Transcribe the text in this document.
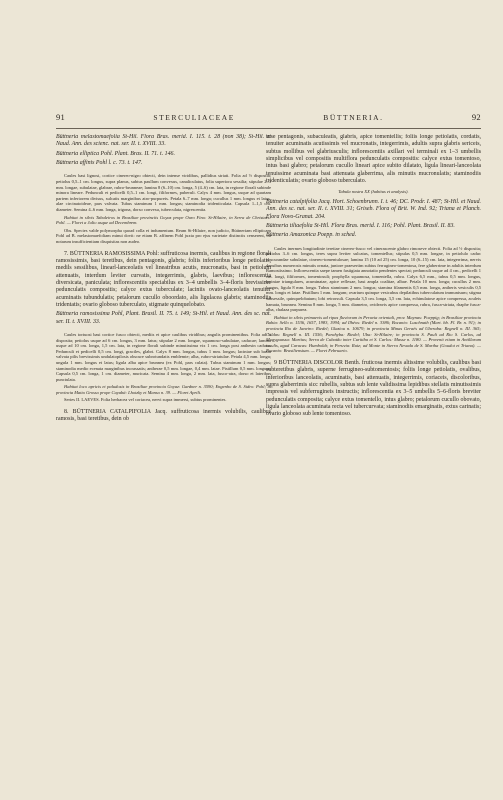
91	STERCULIACEAE	BÜTTNERIA.	92

Büttneria melastomaefolia St-Hil. Flora Bras. merid. I. 115. t. 28 (non 38); St-Hil. et Naud. Ann. des scienc. nat. ser. II. t. XVIII. 33.

Büttneria elliptica Pohl. Plant. Bras. II. 71. t. 146.

Büttneria affinis Pohl l. c. 73. t. 147.

Caules basi lignosi, cortice cinereo-nigro obtecti, dein intense viridibus, pallidius striati. Folia ad ½ dispostia; petiolus 0,5–1 cm. longus, supra planus, subtus paullum convexus, canaliculatus, folia superiora sessilia; stipulae 2–3 mm. longae, subulatae, glabrae, rubro-brunneae; lamina 8 (6–10) cm. longa, 5 (4–6) cm. lata, in regione florali subinde minora lineare. Pedunculi et pedicelli 0,5–1 cm. longi, filiformes, puberuli. Calyx 4 mm. longus, usque ad quartam partem inferiorem divisus, sulcatis marginibus atro-purpureis. Petala 6–7 mm. longa; cucullus 1 mm. longus et latus, alae circinatoideae, pars valvata. Tubus staminum 1 mm. longus; staminodia tridenticulata. Capsula 1–1,5 cm. diameter. Semina 4–6 mm. longa, trigona, dorso convexa, tuberculata, nigrescentia.

Habitat in silvis Tabuleiros in Brasiliae provinciis Goyaz prope Ouro Fino: St-Hilaire, in Serra de Christaes: Pohl. — Floret a Julio usque ad Decembrem.

Obs. Species valde polymorpha quoad colla et indumentum. Ream St-Hilaire, non judicio, Büttneriam ellipticam Pohl ad B. melastomaefoliam minui dovit: ne etiam B. affinem Pohl juxta pro ejus varietate distinctis censerent, ob notarum insufficientiam disquisitas non audeo.

7. BÜTTNERIA RAMOSISSIMA Pohl: suffruticosa inermis, caulibus in regione florali ramosissimis, basi teretibus, dein pentagonis, glabris; foliis inferioribus longe petiolatis, medils sessilibus, linearl-lanceolatis vel lineatribus acutis, mucronatis, basi in petiolum attenuatis, interdum leviter curvatis, integerrimis, glabris, laevibus; inflorescentia diversicata, paniculata; inflorescentiis speciabilus ex 3–4 umbellis 3–4-floris brevissime pedunculatis compositis; calyce extus tuberculate; laciniis ovato-lanceolatis tenuiter acuminatis tubundulatis; petalorum cucullo oboordato, alis ligulacea glabris; staminodiis tridentatis; ovario globoso tuberculato, stigmate quinquelobato.

Büttneria ramosissima Pohl, Plant. Brasil. II. 75. t. 149; St-Hil. et Naud. Ann. des sc. nat. ser. II. t. XVIII. 33.

Caules tortuosi basi cortice fusco obtecti, mediis et apice caulibus viridibus; angulis prominentibus. Folia ad ½ disposita; petiolus usque ad 6 cm. longus, 3 mm. latus; stipulae 2 mm. longae, squamoso-subulatae, caducae; lamina usque ad 10 cm. longa, 1,5 cm. lata, in regione florali subinde minutissima vix 1 cm. longa post anthesin caduca. Pedunculi et pedicelli 0,5 cm. longi, graciles, glabri. Calyx 8 mm. longus, tubus 1 mm. longus; laciniae sub basin valvata pilis brevissimis undulatopilosis obscure subrotundatis emblemte; alba, rubro-striatulae. Petala 4,5 mm. longa; ungula 1 mm. longus et latus; ligula alba apice brunnea (ex Pohl, pars culata). Tubus staminum 1 mm. longus; staminodia medio ecenata marginibus incrassatis; antherae 0,5 mm. longae, 0,4 mm. latae. Pistillum 0,5 mm. longum. Capsula 0,5 cm. longa, 1 cm. diameter, muricata. Semina 4 mm. longa, 2 mm. lata, fusco-atra, dorso et lateribus punctulata.

Habitat loco apricis et paludosis in Brasiliae provincia Goyaz: Gardner n. 3590; Engenho de S. Sidro: Pohl; in provincia Matto Grosso prope Cuyabá: Lhotzky et Manso n. 39. — Floret Aprili.

Series II. LAEVES. Folia herbacea vel coriacea, nervi supra immersi, subtus prominentes.

8. BÜTTNERIA CATALPIFOLIA Jacq. suffruticosa inermis volubilis, caulibus ramosis, basi teretibus, dein ob

tuse pentagonis, subaculeatis, glabris, apice tomentellis; foliis longe petiolatis, cordatis, tenuiter acuminatis acutissimis vel mucronatis, integerrimis, adultis supra glabris sericeis, subtus mollibus vel glabriusculis; inflorescentiis axillari vel terminali ex 1–3 umbellis simplicibus vel compositis multiflora pedunculatis compositis: calyce extus tomentoso, intus basi glabro; petalorum cucullo lineari apice subito dilatato, ligula lineari-lanceolata tenuissime acuminata basi attenuata glaberrima, alis minutis mucronulatis; staminodiis tridenticulatis; ovario globoso tuberculato.

Tabula nostra XX (habitus et analysis).

Büttneria catalpifolia Jacq. Hort. Schoenbrunn. I. t. 46; DC. Prodr. I. 487; St-Hil. et Naud. Ann. des sc. nat. ser. II. t. XVIII. 31; Griseb. Flora of Brit. W. Ind. 92; Triana et Planch. Flora Novo-Granat. 204.

Büttneria tiliaefolia St-Hil. Flora Bras. merid. I. 116; Pohl. Plant. Brasil. II. 83.

Büttneria Amazonica Poepp. in sched.

Caules inermes longitudinie teretiae cinereo-fusco vel cinerascente glabro rimoseve obtecti. Folia ad ½ disposita; petiolus 3–6 cm. longus, teres supra leviter sulcatus, tomentellus; stipulas 0,5 mm. longae, in petiolulo caduc obscurandae subulatae, cinereo-tomentulosae; lamina 15 (10 ad 25) cm. longa, 10 (6–15) cm. lata, integerrima, nervis densibus numerosis minutis ornata, juniore praesertim subtus ferrugineo-tomentosa, fere glaberrime in adultis interdum Ramostissimo. Inflorescentia saepe tamen fastigiata annotatio pendentes spectat; pedunculi usque ad 4 cm., pedicelli 1 cm. longi, filiformes, tomentosuli; prophylla squamosa, tomentella, rubra. Calyx 6,5 mm., tubus 0,5 mm. longus, laciniae triangulares, acuminatae, apice reflexae, basi ampla coalitae, albae. Petala 10 mm. longa; cucullus 2 mm. longus, ligula 8 mm. longa. Tubus staminum 2 mm. longus; stamina filamentis 0,5 mm. longa, antheris vesiculis 0,5 mm. longis et latae. Pistillum 1 mm. longum; ovarium quinque vesicubus depilatibus tuberculatum immunisum; stigma subsessile, quinquelobatum; lobi retrorsuli. Capsula 3,5 cm. longa, 3,5 cm. lata, echinulatose apice compressa, aculeis hamata, brunnea. Semina 8 mm. longa, 5 mm. diametro, ovideavis apice compressa, rubra, fusca-striata, rhaphe fusca-alba, chalaza purpurea.

Habitat in silvis primaevis ad ripas fluviorum in Peruvia orientali, prov. Maynas: Poeppig; in Brasiliae provincia Bahia: Sello n. 1536, 1657, 1983, 1994; ad Ilhéos: Riedel n. 3386; Bocanio: Luschnath (Mart. hb. Fl. Br. n. 91); in provincia Rio de Janeiro: Riedel; Glaziou n. 10679; in provincia Minas Geraës ad Uberaba: Regnell n. III. 365; Caldas: Regnell n. III. 1556; Parahyba: Riedel; Uba: St-Hilaire; in provincia S. Pauli ad Rio S. Carlos, ad Mogyguassu: Martius; Serra de Cubatão inter Curitiba et S. Carlos: Masse n. 1180. — Provenit etiam in Antillarum insulis, agud Caracas: Humboldt; in Peruvia: Ruiz; ad Monte in Sierra Nevada de S. Martha (Goudot et Triana). — Bocanio: Brasiliensium. — Floret Februario.

9 BÜTTNERIA DISCOLOR Benth. fruticosa inermis altissime volubilis, caulibus basi subteretibus glabris, superne ferrugineo-subtomentosis; foliis longe petiolatis, ovalibus, inferioribus lanceolatis, acuminatis, basi attenuatis, integerrimis, coriaceis, discoloribus, supra glaberrimis sicc rubellis, subtus sub lente validissima lepidibus stellatis minutissimis impressis vel subferrugineis instructis; inflorescentia ex 3–5 umbellis 5–6-floris breviter pedunculatis composita; calyce extus tomentello, intus glabro; petalorum cucullo obovato, ligula lanceolata acuminata recta vel tubercurvata; staminodiis emarginatis, extus carinatis; ovario globoso sub lente tomentoso.
